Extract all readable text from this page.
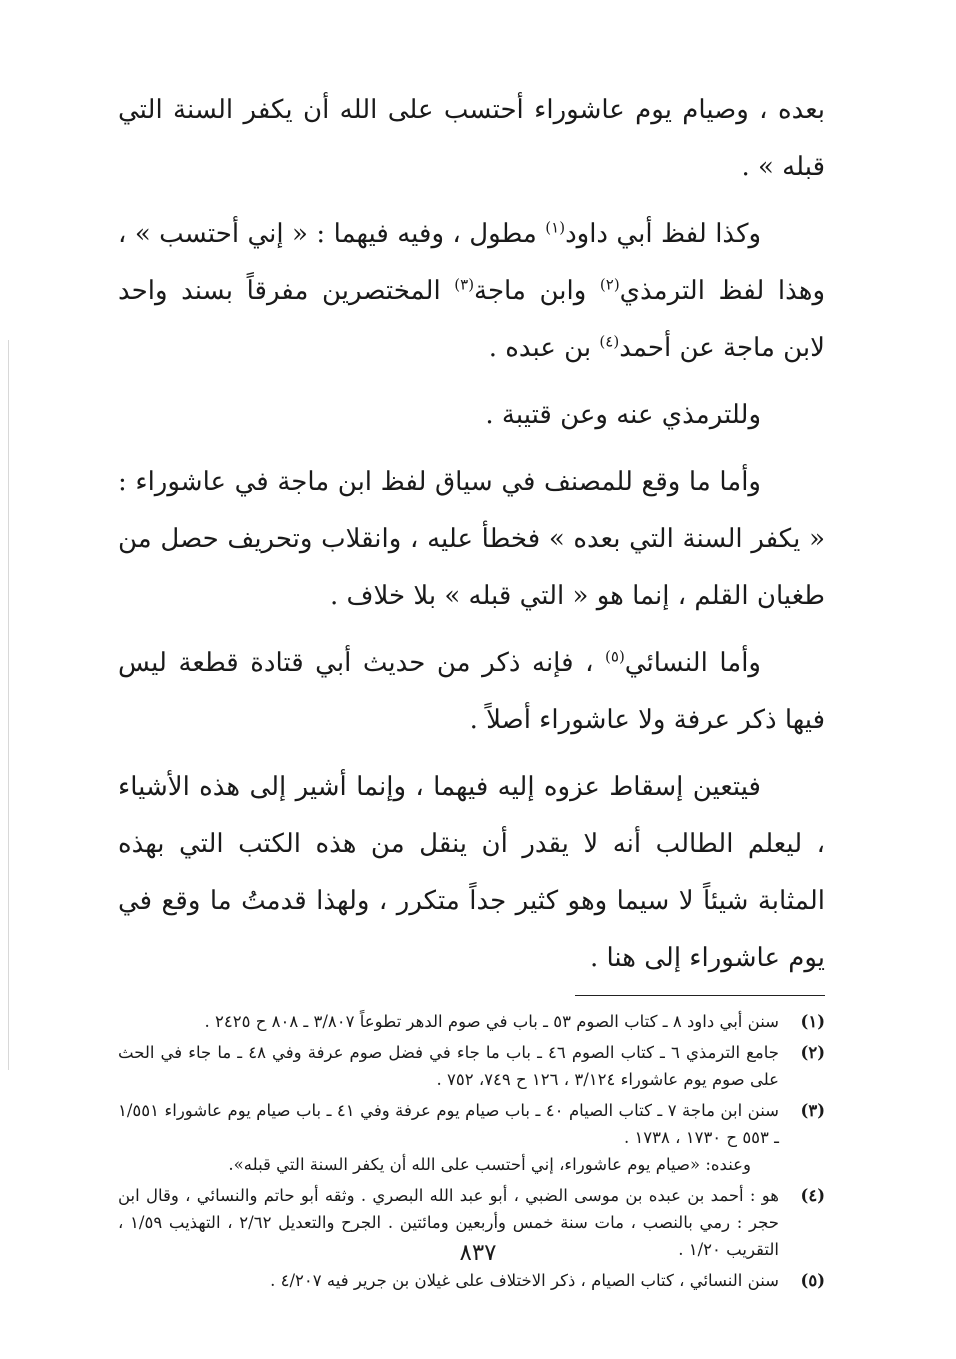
بعده ، وصيام يوم عاشوراء أحتسب على الله أن يكفر السنة التي قبله » .

وكذا لفظ أبي داود$^{(١)}$ مطول ، وفيه فيهما : « إني أحتسب » ، وهذا لفظ الترمذي$^{(٢)}$ وابن ماجة$^{(٣)}$ المختصرين مفرقاً بسند واحد لابن ماجة عن أحمد$^{(٤)}$ بن عبده .

وللترمذي عنه وعن قتيبة .

وأما ما وقع للمصنف في سياق لفظ ابن ماجة في عاشوراء : « يكفر السنة التي بعده » فخطأ عليه ، وانقلاب وتحريف حصل من طغيان القلم ، إنما هو « التي قبله » بلا خلاف .

وأما النسائي$^{(٥)}$ ، فإنه ذكر من حديث أبي قتادة قطعة ليس فيها ذكر عرفة ولا عاشوراء أصلاً .

فيتعين إسقاط عزوه إليه فيهما ، وإنما أشير إلى هذه الأشياء ، ليعلم الطالب أنه لا يقدر أن ينقل من هذه الكتب التي بهذه المثابة شيئاً لا سيما وهو كثير جداً متكرر ، ولهذا قدمتُ ما وقع في يوم عاشوراء إلى هنا .

(١)
سنن أبي داود ٨ ـ كتاب الصوم ٥٣ ـ باب في صوم الدهر تطوعاً ٣/٨٠٧ ـ ٨٠٨ ح ٢٤٢٥ .
(٢)
جامع الترمذي ٦ ـ كتاب الصوم ٤٦ ـ باب ما جاء في فضل صوم عرفة وفي ٤٨ ـ ما جاء في الحث على صوم يوم عاشوراء ٣/١٢٤ ، ١٢٦ ح ٧٤٩، ٧٥٢ .
(٣)
سنن ابن ماجة ٧ ـ كتاب الصيام ٤٠ ـ باب صيام يوم عرفة وفي ٤١ ـ باب صيام يوم عاشوراء ١/٥٥١ ـ ٥٥٣ ح ١٧٣٠ ، ١٧٣٨ .
وعنده: «صيام يوم عاشوراء، إني أحتسب على الله أن يكفر السنة التي قبله».
(٤)
هو : أحمد بن عبده بن موسى الضبي ، أبو عبد الله البصري . وثقه أبو حاتم والنسائي ، وقال ابن حجر : رمي بالنصب ، مات سنة خمس وأربعين ومائتين . الجرح والتعديل ٢/٦٢ ، التهذيب ١/٥٩ ، التقريب ١/٢٠ .
(٥)
سنن النسائي ، كتاب الصيام ، ذكر الاختلاف على غيلان بن جرير فيه ٤/٢٠٧ .
٨٣٧
